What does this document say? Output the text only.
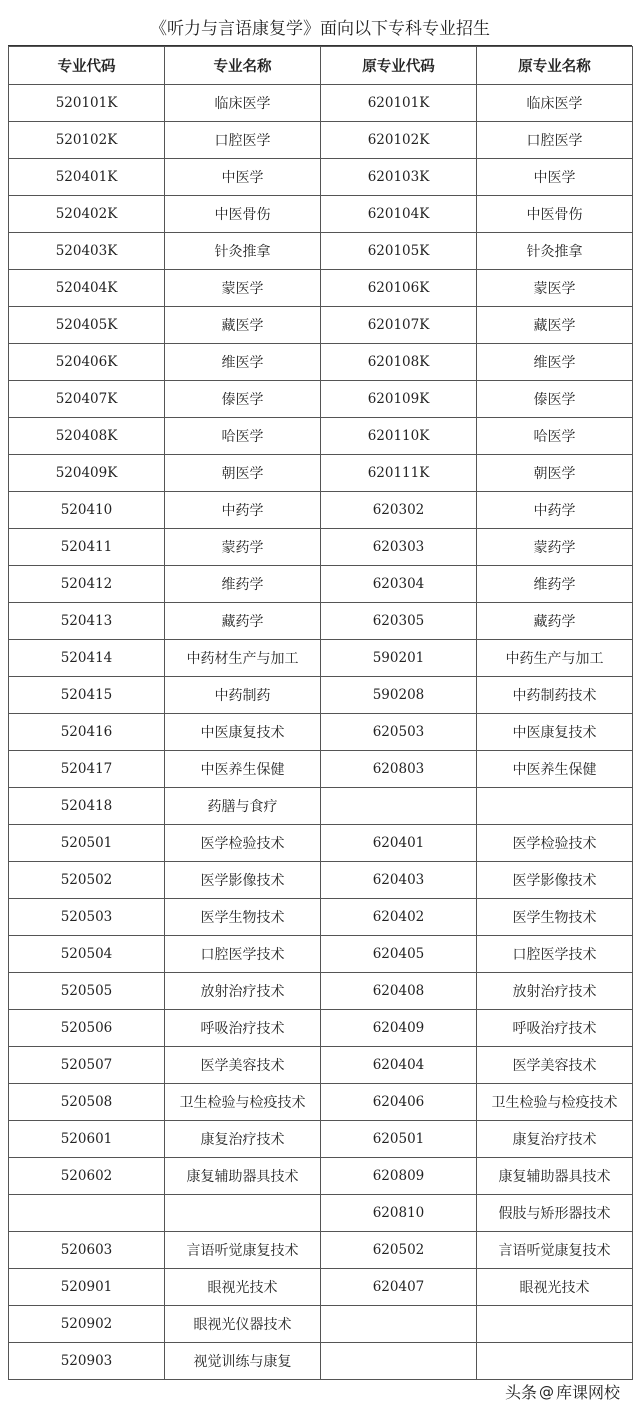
《听力与言语康复学》面向以下专科专业招生
专业代码	专业名称	原专业代码	原专业名称
520101K	临床医学	620101K	临床医学
520102K	口腔医学	620102K	口腔医学
520401K	中医学	620103K	中医学
520402K	中医骨伤	620104K	中医骨伤
520403K	针灸推拿	620105K	针灸推拿
520404K	蒙医学	620106K	蒙医学
520405K	藏医学	620107K	藏医学
520406K	维医学	620108K	维医学
520407K	傣医学	620109K	傣医学
520408K	哈医学	620110K	哈医学
520409K	朝医学	620111K	朝医学
520410	中药学	620302	中药学
520411	蒙药学	620303	蒙药学
520412	维药学	620304	维药学
520413	藏药学	620305	藏药学
520414	中药材生产与加工	590201	中药生产与加工
520415	中药制药	590208	中药制药技术
520416	中医康复技术	620503	中医康复技术
520417	中医养生保健	620803	中医养生保健
520418	药膳与食疗		
520501	医学检验技术	620401	医学检验技术
520502	医学影像技术	620403	医学影像技术
520503	医学生物技术	620402	医学生物技术
520504	口腔医学技术	620405	口腔医学技术
520505	放射治疗技术	620408	放射治疗技术
520506	呼吸治疗技术	620409	呼吸治疗技术
520507	医学美容技术	620404	医学美容技术
520508	卫生检验与检疫技术	620406	卫生检验与检疫技术
520601	康复治疗技术	620501	康复治疗技术
520602	康复辅助器具技术	620809	康复辅助器具技术
		620810	假肢与矫形器技术
520603	言语听觉康复技术	620502	言语听觉康复技术
520901	眼视光技术	620407	眼视光技术
520902	眼视光仪器技术		
520903	视觉训练与康复		
头条 @ 库课网校
